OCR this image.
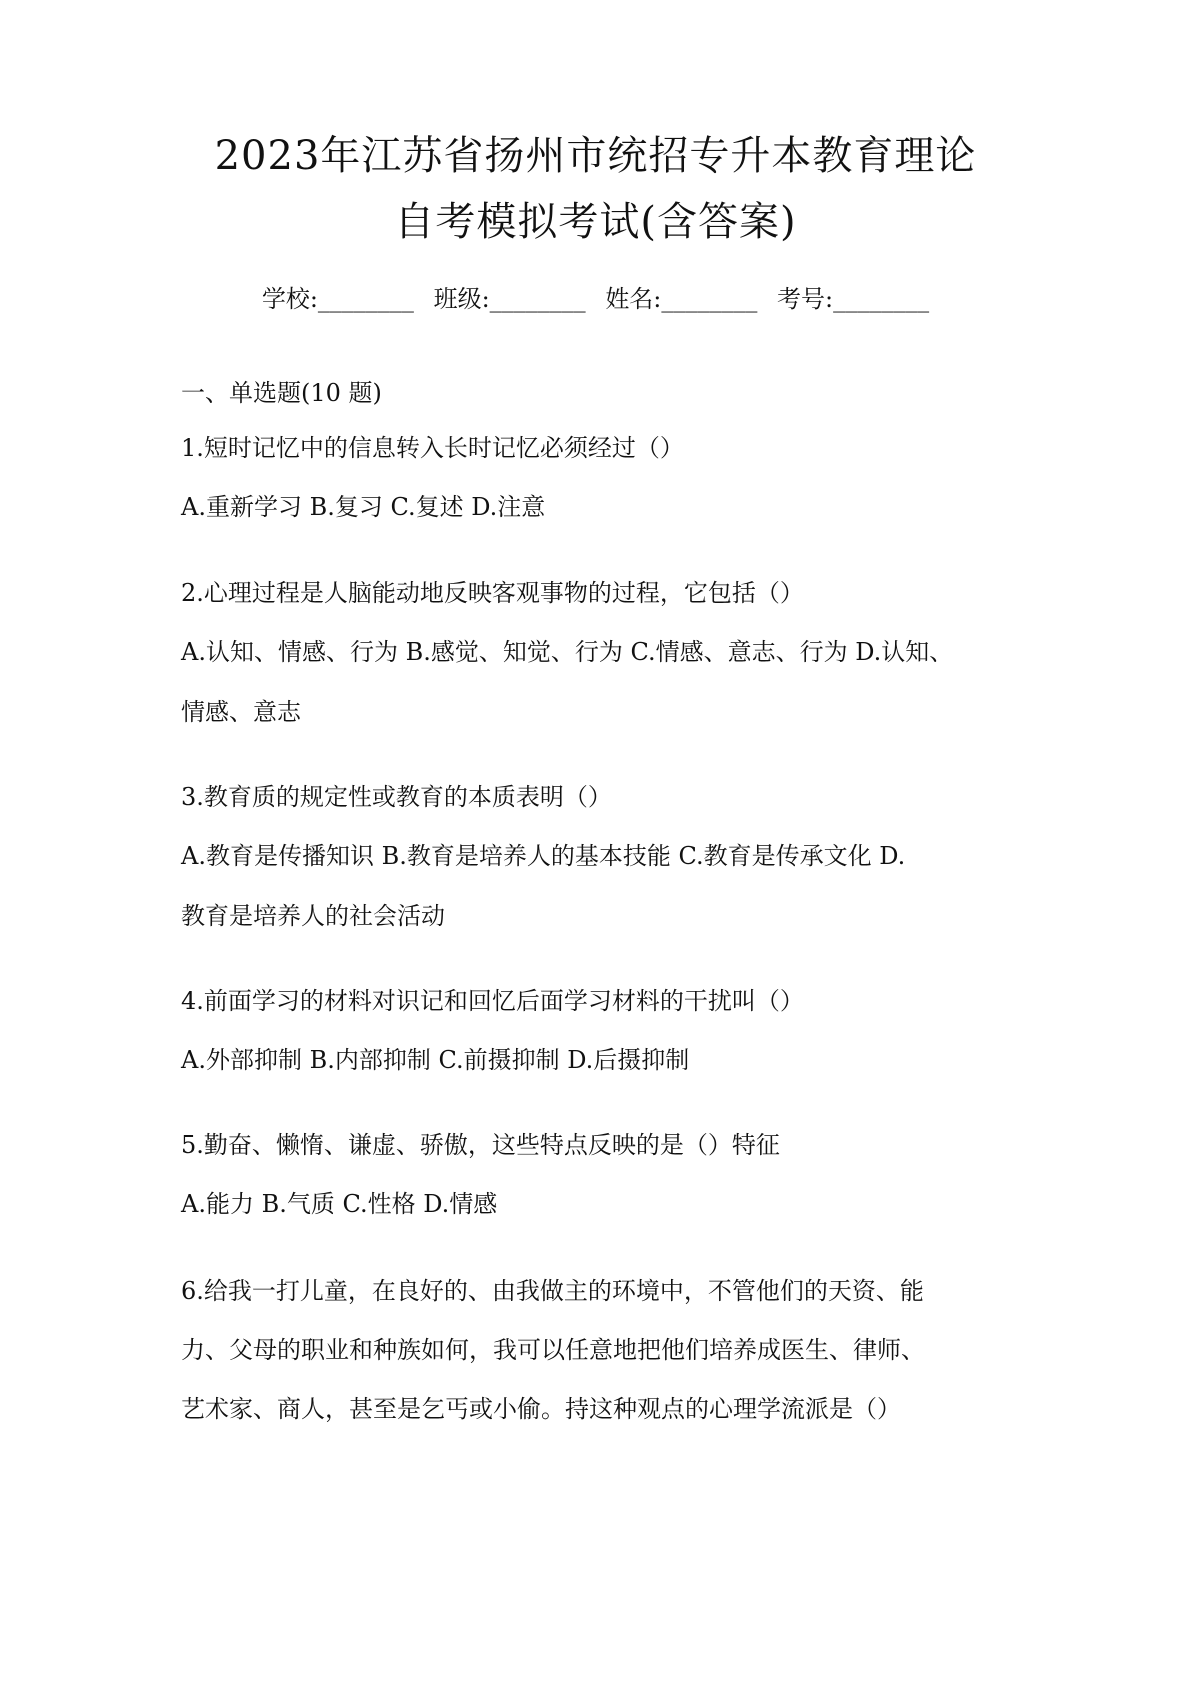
2023年江苏省扬州市统招专升本教育理论
自考模拟考试(含答案)
学校:________ 班级:________ 姓名:________ 考号:________
一、单选题(10 题)
1.短时记忆中的信息转入长时记忆必须经过（）
A.重新学习 B.复习 C.复述 D.注意
2.心理过程是人脑能动地反映客观事物的过程，它包括（）
A.认知、情感、行为 B.感觉、知觉、行为 C.情感、意志、行为 D.认知、
情感、意志
3.教育质的规定性或教育的本质表明（）
A.教育是传播知识 B.教育是培养人的基本技能 C.教育是传承文化 D.
教育是培养人的社会活动
4.前面学习的材料对识记和回忆后面学习材料的干扰叫（）
A.外部抑制 B.内部抑制 C.前摄抑制 D.后摄抑制
5.勤奋、懒惰、谦虚、骄傲，这些特点反映的是（）特征
A.能力 B.气质 C.性格 D.情感
6.给我一打儿童，在良好的、由我做主的环境中，不管他们的天资、能
力、父母的职业和种族如何，我可以任意地把他们培养成医生、律师、
艺术家、商人，甚至是乞丐或小偷。持这种观点的心理学流派是（）
